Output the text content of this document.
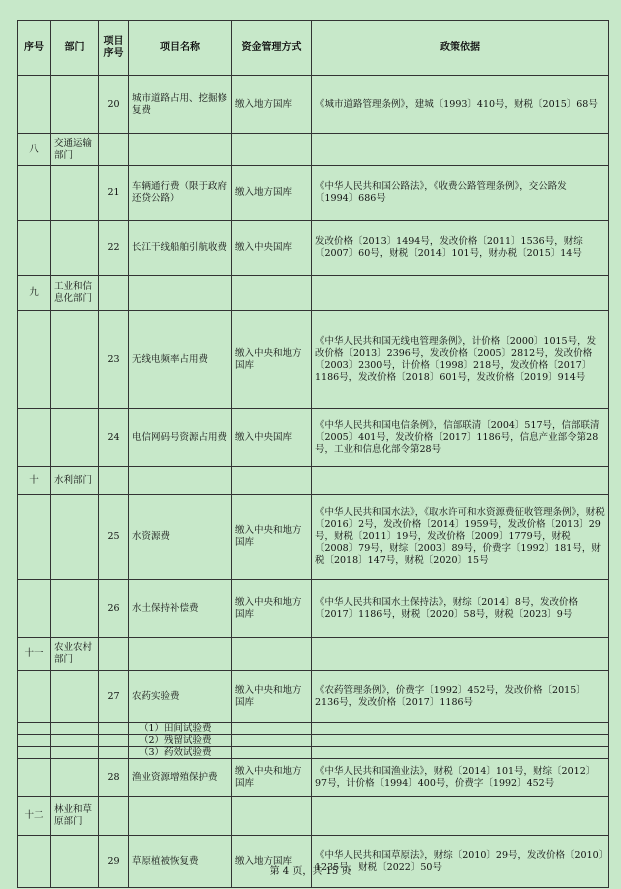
序号	部门	项目序号	项目名称	资金管理方式	政策依据
		20	城市道路占用、挖掘修复费	缴入地方国库	《城市道路管理条例》，建城〔1993〕410号，财税〔2015〕68号
八	交通运输部门				
		21	车辆通行费（限于政府还贷公路）	缴入地方国库	《中华人民共和国公路法》，《收费公路管理条例》，交公路发〔1994〕686号
		22	长江干线船舶引航收费	缴入中央国库	发改价格〔2013〕1494号，发改价格〔2011〕1536号，财综〔2007〕60号，财税〔2014〕101号，财办税〔2015〕14号
九	工业和信息化部门				
		23	无线电频率占用费	缴入中央和地方国库	《中华人民共和国无线电管理条例》，计价格〔2000〕1015号，发改价格〔2013〕2396号，发改价格〔2005〕2812号，发改价格〔2003〕2300号，计价格〔1998〕218号，发改价格〔2017〕1186号，发改价格〔2018〕601号，发改价格〔2019〕914号
		24	电信网码号资源占用费	缴入中央国库	《中华人民共和国电信条例》，信部联清〔2004〕517号，信部联清〔2005〕401号，发改价格〔2017〕1186号，信息产业部令第28号，工业和信息化部令第28号
十	水利部门				
		25	水资源费	缴入中央和地方国库	《中华人民共和国水法》，《取水许可和水资源费征收管理条例》，财税〔2016〕2号，发改价格〔2014〕1959号，发改价格〔2013〕29号，财税〔2011〕19号，发改价格〔2009〕1779号，财税〔2008〕79号，财综〔2003〕89号，价费字〔1992〕181号，财税〔2018〕147号，财税〔2020〕15号
		26	水土保持补偿费	缴入中央和地方国库	《中华人民共和国水土保持法》，财综〔2014〕8号，发改价格〔2017〕1186号，财税〔2020〕58号，财税〔2023〕9号
十一	农业农村部门				
		27	农药实验费	缴入中央和地方国库	《农药管理条例》，价费字〔1992〕452号，发改价格〔2015〕2136号，发改价格〔2017〕1186号
			（1）田间试验费		
			（2）残留试验费		
			（3）药效试验费		
		28	渔业资源增殖保护费	缴入中央和地方国库	《中华人民共和国渔业法》，财税〔2014〕101号，财综〔2012〕97号，计价格〔1994〕400号，价费字〔1992〕452号
十二	林业和草原部门				
		29	草原植被恢复费	缴入地方国库	《中华人民共和国草原法》，财综〔2010〕29号，发改价格〔2010〕1235号，财税〔2022〕50号
第 4 页，共 15 页
